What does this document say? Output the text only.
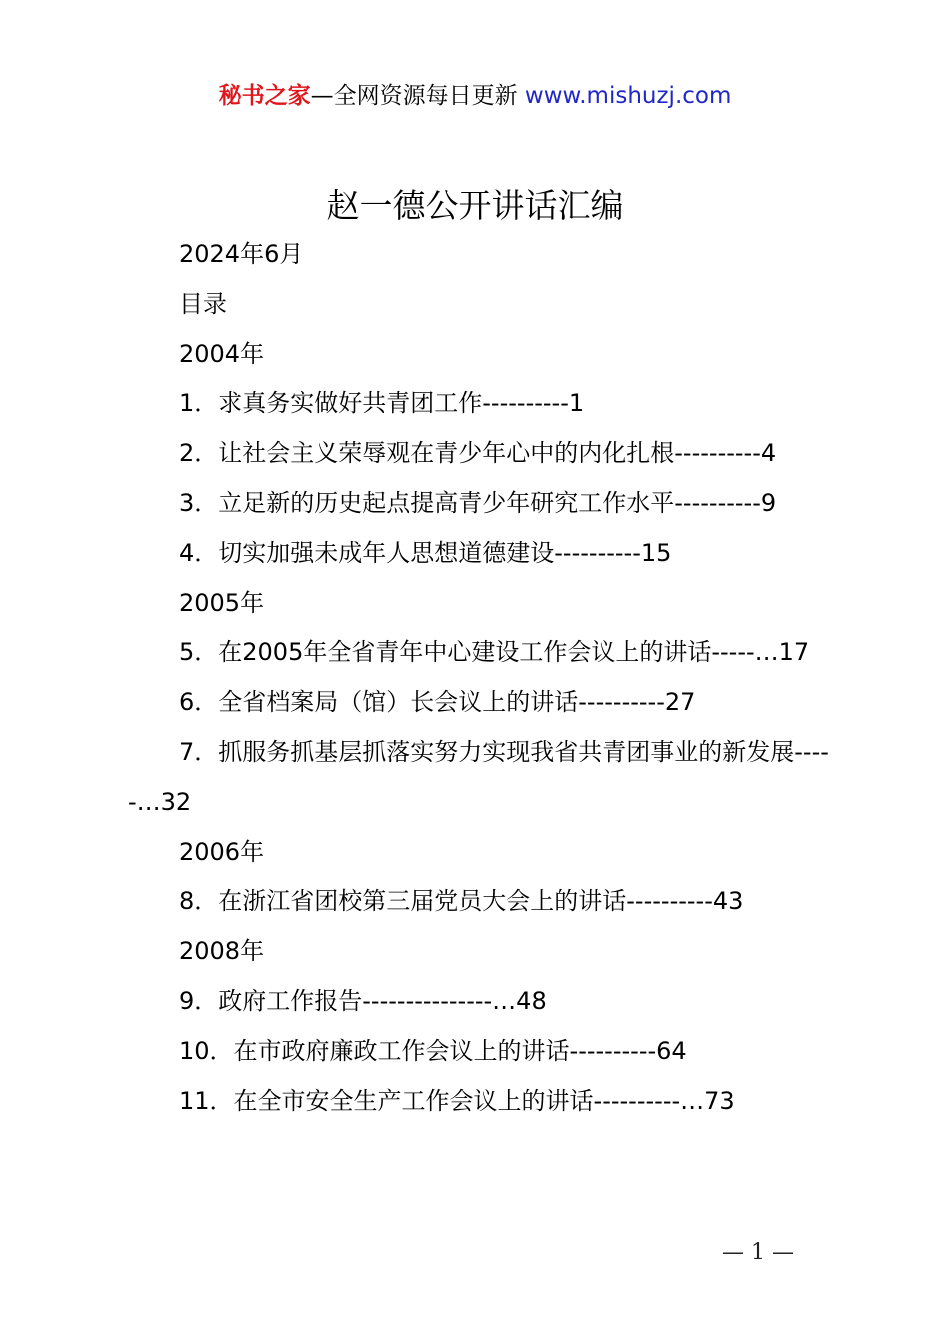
秘书之家—全网资源每日更新 www.mishuzj.com
赵一德公开讲话汇编
2024年6月
目录
2004年
1．求真务实做好共青团工作----------1
2．让社会主义荣辱观在青少年心中的内化扎根----------4
3．立足新的历史起点提高青少年研究工作水平----------9
4．切实加强未成年人思想道德建设----------15
2005年
5．在2005年全省青年中心建设工作会议上的讲话-----…17
6．全省档案局（馆）长会议上的讲话----------27
7．抓服务抓基层抓落实努力实现我省共青团事业的新发展-----…32
2006年
8．在浙江省团校第三届党员大会上的讲话----------43
2008年
9．政府工作报告---------------…48
10．在市政府廉政工作会议上的讲话----------64
11．在全市安全生产工作会议上的讲话----------…73
— 1 —
